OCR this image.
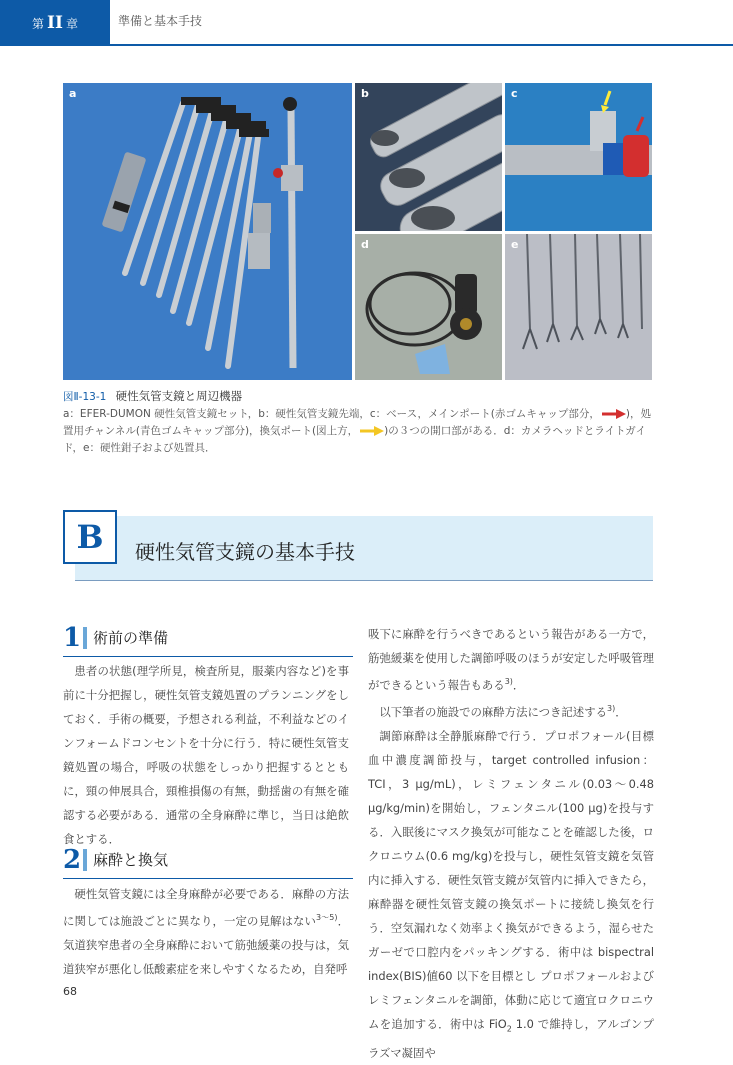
第 II 章	準備と基本手技
a	b	c
d	e
図Ⅱ-13-1 硬性気管支鏡と周辺機器
a：EFER-DUMON 硬性気管支鏡セット，b：硬性気管支鏡先端，c：ベース，メインポート(赤ゴムキャップ部分， )，処
置用チャンネル(青色ゴムキャップ部分)，換気ポート(図上方， )の３つの開口部がある．d：カメラヘッドとライトガイ
ド，e：硬性鉗子および処置具．
B	硬性気管支鏡の基本手技
1 術前の準備

患者の状態(理学所見，検査所見，服薬内容など)を事前に十分把握し，硬性気管支鏡処置のプランニングをしておく．手術の概要，予想される利益，不利益などのインフォームドコンセントを十分に行う．特に硬性気管支鏡処置の場合，呼吸の状態をしっかり把握するとともに，頸の伸展具合，頸椎損傷の有無，動揺歯の有無を確認する必要がある．通常の全身麻酔に準じ，当日は絶飲食とする．

2 麻酔と換気

硬性気管支鏡には全身麻酔が必要である．麻酔の方法に関しては施設ごとに異なり，一定の見解はない$^{3〜5)}$．気道狭窄患者の全身麻酔において筋弛緩薬の投与は，気道狭窄が悪化し低酸素症を来しやすくなるため，自発呼

吸下に麻酔を行うべきであるという報告がある一方で，筋弛緩薬を使用した調節呼吸のほうが安定した呼吸管理ができるという報告もある$^{3)}$．

以下筆者の施設での麻酔方法につき記述する$^{3)}$．

調節麻酔は全静脈麻酔で行う．プロポフォール(目標血中濃度調節投与，target controlled infusion：TCI，3 μg/mL)，レミフェンタニル(0.03〜0.48 μg/kg/min)を開始し，フェンタニル(100 μg)を投与する．入眠後にマスク換気が可能なことを確認した後，ロクロニウム(0.6 mg/kg)を投与し，硬性気管支鏡を気管内に挿入する．硬性気管支鏡が気管内に挿入できたら，麻酔器を硬性気管支鏡の換気ポートに接続し換気を行う．空気漏れなく効率よく換気ができるよう，湿らせたガーゼで口腔内をパッキングする．術中は bispectral index(BIS)値60 以下を目標とし プロポフォールおよびレミフェンタニルを調節，体動に応じて適宜ロクロニウムを追加する．術中は FiO$_2$ 1.0 で維持し，アルゴンプラズマ凝固や

68
